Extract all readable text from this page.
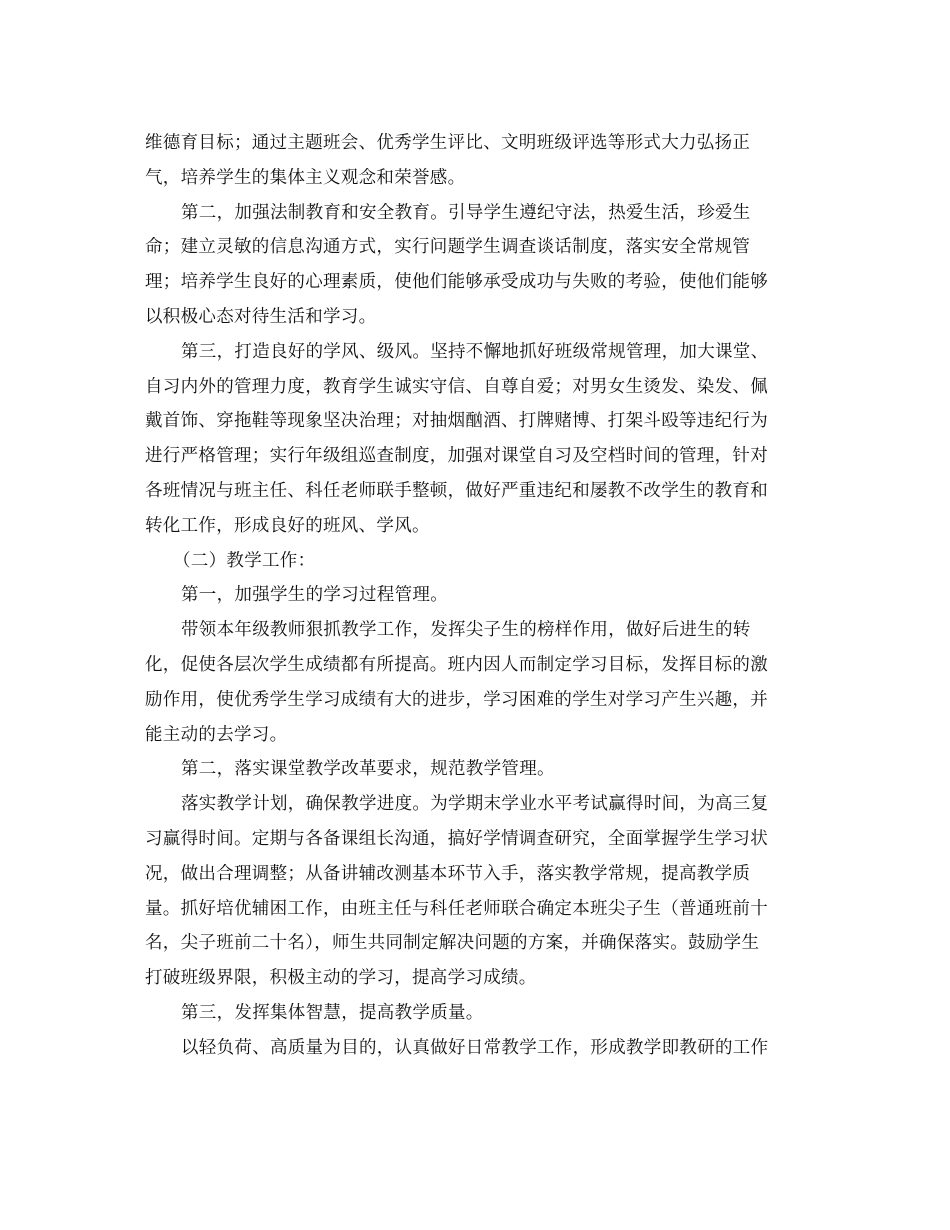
维德育目标；通过主题班会、优秀学生评比、文明班级评选等形式大力弘扬正
气，培养学生的集体主义观念和荣誉感。
第二，加强法制教育和安全教育。引导学生遵纪守法，热爱生活，珍爱生
命；建立灵敏的信息沟通方式，实行问题学生调查谈话制度，落实安全常规管
理；培养学生良好的心理素质，使他们能够承受成功与失败的考验，使他们能够
以积极心态对待生活和学习。
第三，打造良好的学风、级风。坚持不懈地抓好班级常规管理，加大课堂、
自习内外的管理力度，教育学生诚实守信、自尊自爱；对男女生烫发、染发、佩
戴首饰、穿拖鞋等现象坚决治理；对抽烟酗酒、打牌赌博、打架斗殴等违纪行为
进行严格管理；实行年级组巡查制度，加强对课堂自习及空档时间的管理，针对
各班情况与班主任、科任老师联手整顿，做好严重违纪和屡教不改学生的教育和
转化工作，形成良好的班风、学风。
（二）教学工作：
第一，加强学生的学习过程管理。
带领本年级教师狠抓教学工作，发挥尖子生的榜样作用，做好后进生的转
化，促使各层次学生成绩都有所提高。班内因人而制定学习目标，发挥目标的激
励作用，使优秀学生学习成绩有大的进步，学习困难的学生对学习产生兴趣，并
能主动的去学习。
第二，落实课堂教学改革要求，规范教学管理。
落实教学计划，确保教学进度。为学期末学业水平考试赢得时间，为高三复
习赢得时间。定期与各备课组长沟通，搞好学情调查研究，全面掌握学生学习状
况，做出合理调整；从备讲辅改测基本环节入手，落实教学常规，提高教学质
量。抓好培优辅困工作，由班主任与科任老师联合确定本班尖子生（普通班前十
名，尖子班前二十名），师生共同制定解决问题的方案，并确保落实。鼓励学生
打破班级界限，积极主动的学习，提高学习成绩。
第三，发挥集体智慧，提高教学质量。
以轻负荷、高质量为目的，认真做好日常教学工作，形成教学即教研的工作
